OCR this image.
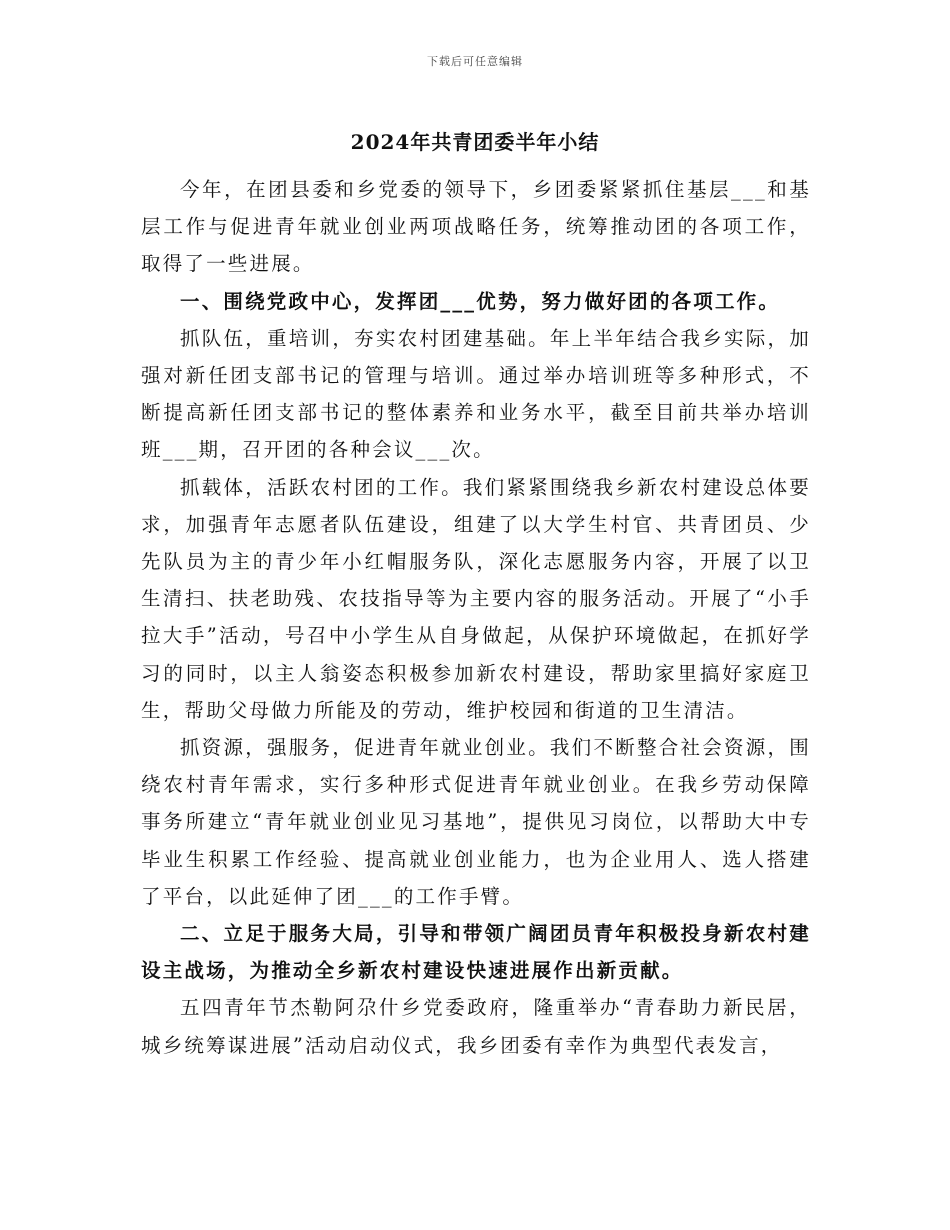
下载后可任意编辑
2024年共青团委半年小结

今年，在团县委和乡党委的领导下，乡团委紧紧抓住基层___和基层工作与促进青年就业创业两项战略任务，统筹推动团的各项工作，取得了一些进展。

一、围绕党政中心，发挥团___优势，努力做好团的各项工作。

抓队伍，重培训，夯实农村团建基础。年上半年结合我乡实际，加强对新任团支部书记的管理与培训。通过举办培训班等多种形式，不断提高新任团支部书记的整体素养和业务水平，截至目前共举办培训班___期，召开团的各种会议___次。

抓载体，活跃农村团的工作。我们紧紧围绕我乡新农村建设总体要求，加强青年志愿者队伍建设，组建了以大学生村官、共青团员、少先队员为主的青少年小红帽服务队，深化志愿服务内容，开展了以卫生清扫、扶老助残、农技指导等为主要内容的服务活动。开展了“小手拉大手”活动，号召中小学生从自身做起，从保护环境做起，在抓好学习的同时，以主人翁姿态积极参加新农村建设，帮助家里搞好家庭卫生，帮助父母做力所能及的劳动，维护校园和街道的卫生清洁。

抓资源，强服务，促进青年就业创业。我们不断整合社会资源，围绕农村青年需求，实行多种形式促进青年就业创业。在我乡劳动保障事务所建立“青年就业创业见习基地”，提供见习岗位，以帮助大中专毕业生积累工作经验、提高就业创业能力，也为企业用人、选人搭建了平台，以此延伸了团___的工作手臂。

二、立足于服务大局，引导和带领广阔团员青年积极投身新农村建设主战场，为推动全乡新农村建设快速进展作出新贡献。

五四青年节杰勒阿尕什乡党委政府，隆重举办“青春助力新民居，城乡统筹谋进展”活动启动仪式，我乡团委有幸作为典型代表发言，
